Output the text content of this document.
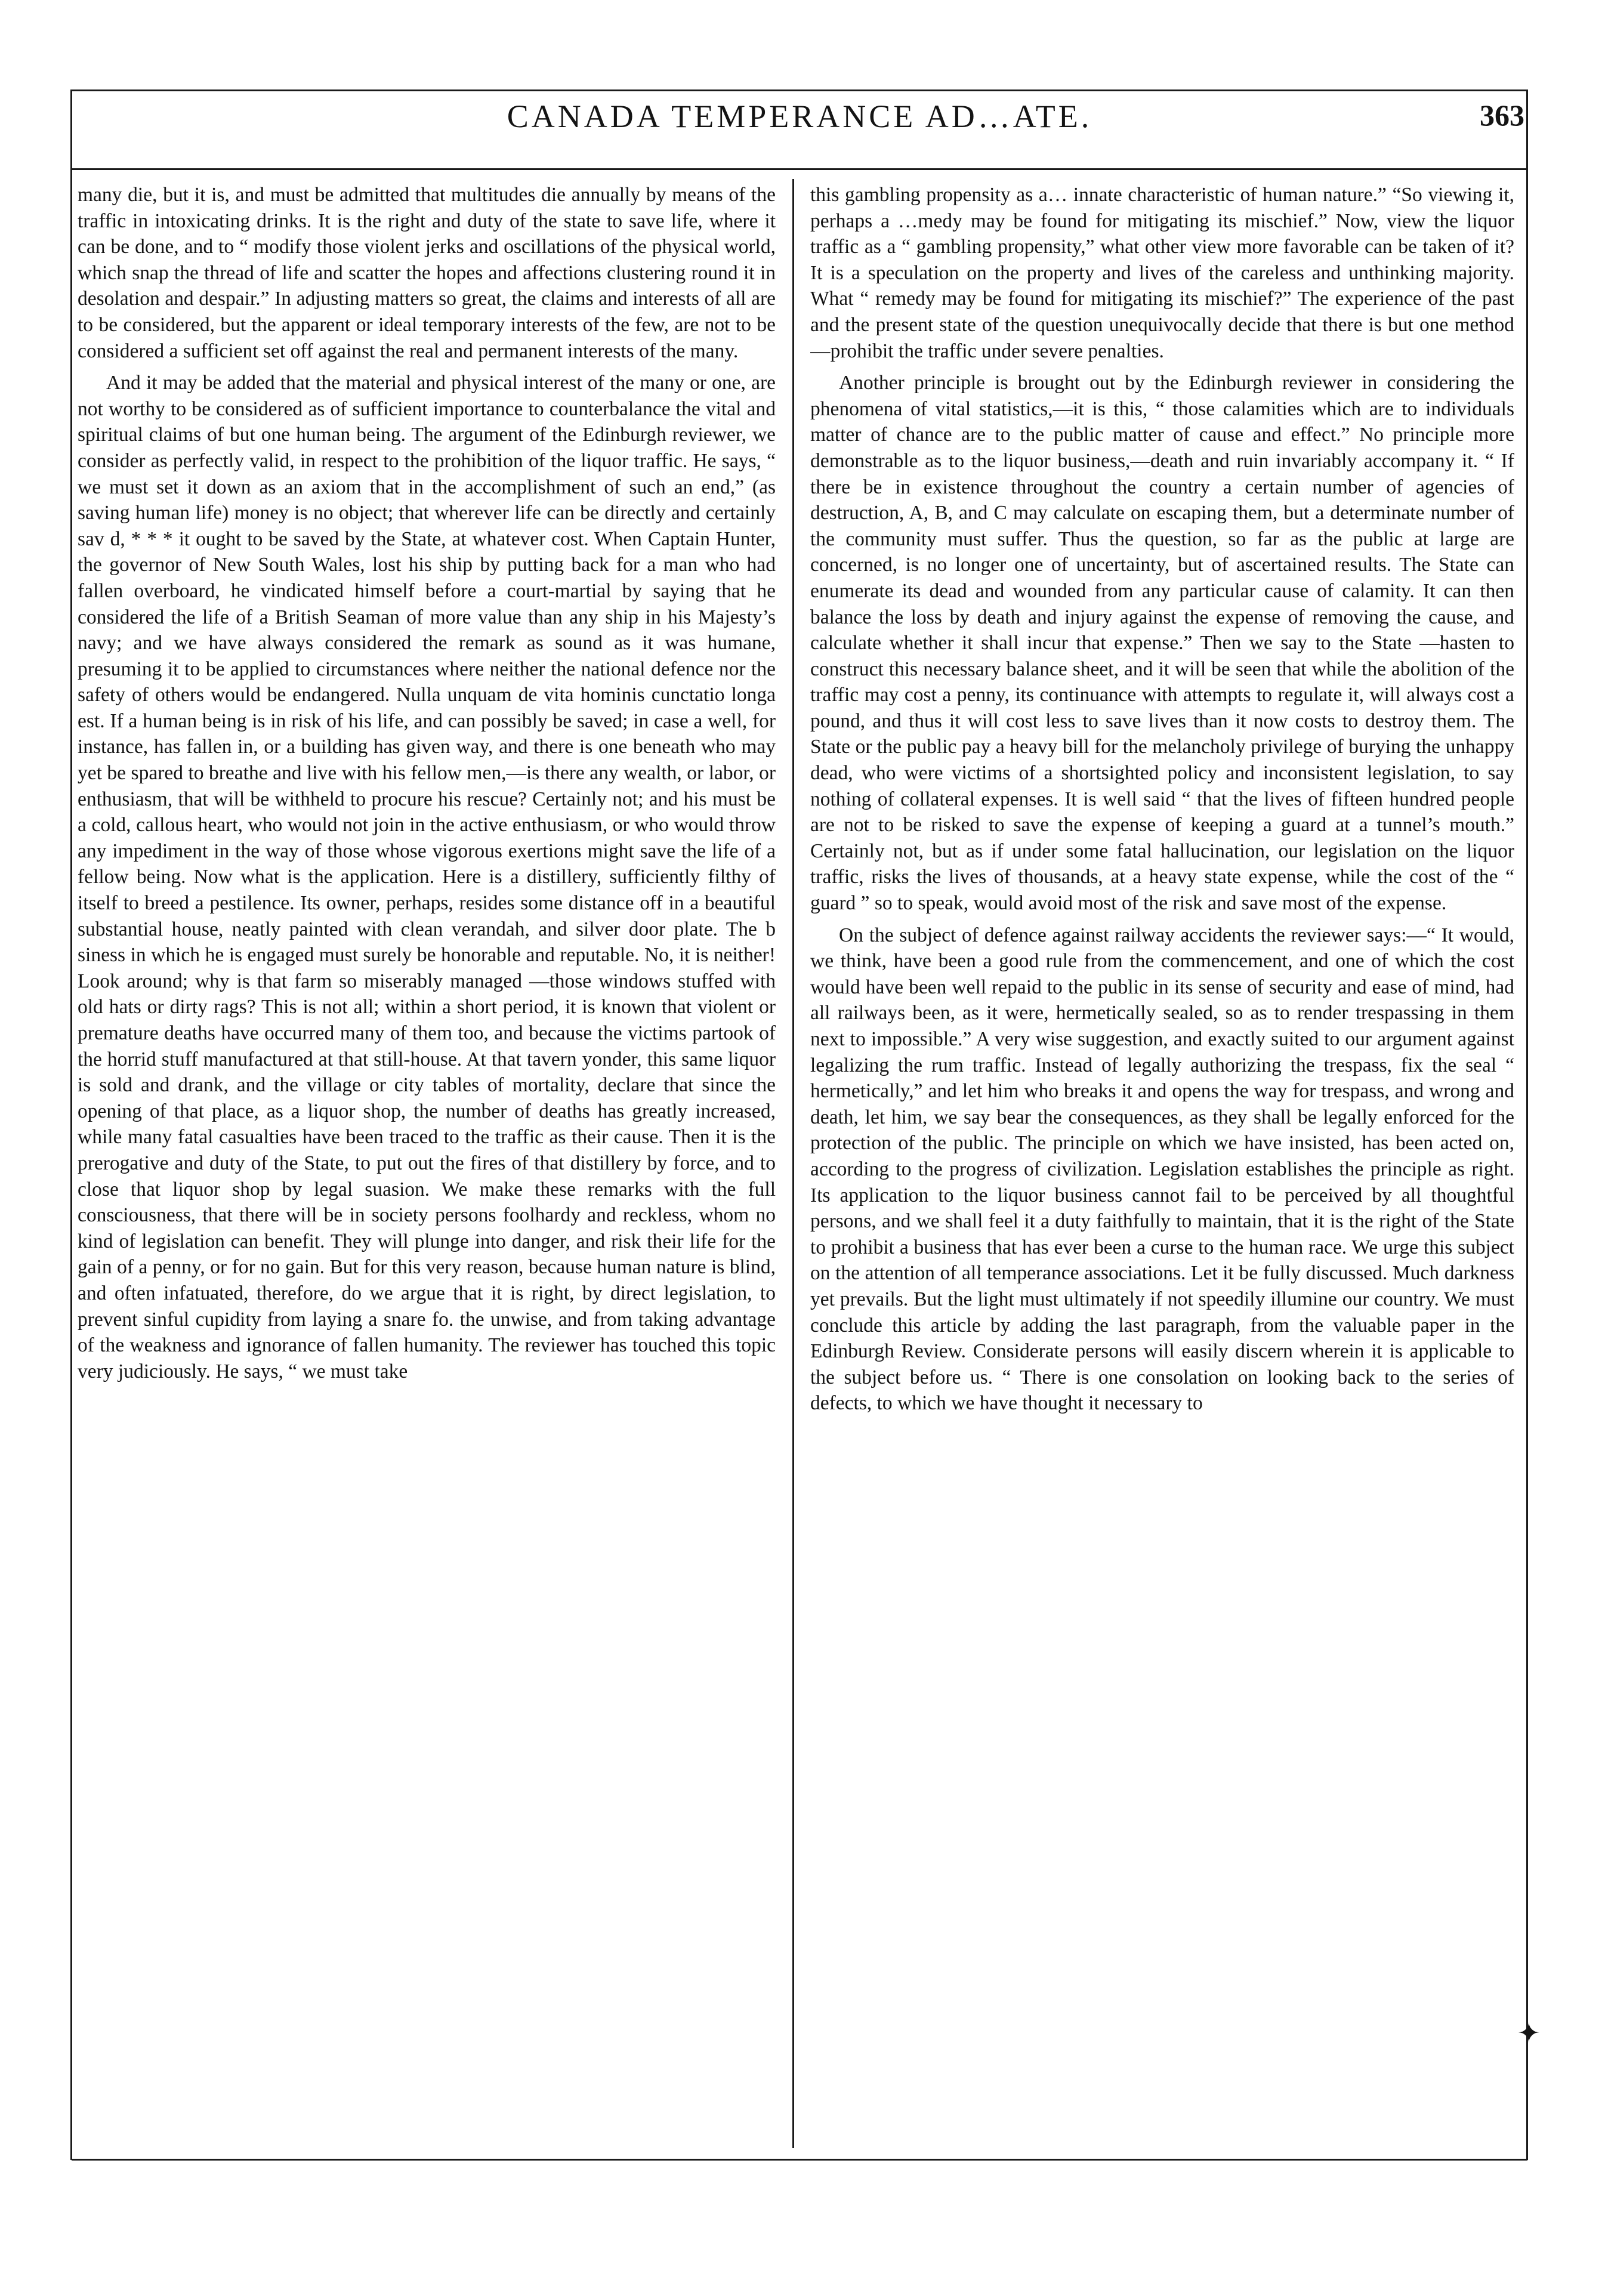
CANADA TEMPERANCE AD…ATE.	363

many die, but it is, and must be admitted that multitudes die annually by means of the traffic in intoxicating drinks. It is the right and duty of the state to save life, where it can be done, and to “ modify those violent jerks and oscillations of the physical world, which snap the thread of life and scatter the hopes and affections clustering round it in desolation and despair.” In adjusting matters so great, the claims and interests of all are to be considered, but the apparent or ideal temporary interests of the few, are not to be considered a sufficient set off against the real and permanent interests of the many.

And it may be added that the material and physical interest of the many or one, are not worthy to be considered as of sufficient importance to counterbalance the vital and spiritual claims of but one human being. The argument of the Edinburgh reviewer, we consider as perfectly valid, in respect to the prohibition of the liquor traffic. He says, “ we must set it down as an axiom that in the accomplishment of such an end,” (as saving human life) money is no object; that wherever life can be directly and certainly sav d, * * * it ought to be saved by the State, at whatever cost. When Captain Hunter, the governor of New South Wales, lost his ship by putting back for a man who had fallen overboard, he vindicated himself before a court-martial by saying that he considered the life of a British Seaman of more value than any ship in his Majesty’s navy; and we have always considered the remark as sound as it was humane, presuming it to be applied to circumstances where neither the national defence nor the safety of others would be endangered. Nulla unquam de vita hominis cunctatio longa est. If a human being is in risk of his life, and can possibly be saved; in case a well, for instance, has fallen in, or a building has given way, and there is one beneath who may yet be spared to breathe and live with his fellow men,—is there any wealth, or labor, or enthusiasm, that will be withheld to procure his rescue? Certainly not; and his must be a cold, callous heart, who would not join in the active enthusiasm, or who would throw any impediment in the way of those whose vigorous exertions might save the life of a fellow being. Now what is the application. Here is a distillery, sufficiently filthy of itself to breed a pestilence. Its owner, perhaps, resides some distance off in a beautiful substantial house, neatly painted with clean verandah, and silver door plate. The b siness in which he is engaged must surely be honorable and reputable. No, it is neither! Look around; why is that farm so miserably managed —those windows stuffed with old hats or dirty rags? This is not all; within a short period, it is known that violent or premature deaths have occurred many of them too, and because the victims partook of the horrid stuff manufactured at that still-house. At that tavern yonder, this same liquor is sold and drank, and the village or city tables of mortality, declare that since the opening of that place, as a liquor shop, the number of deaths has greatly increased, while many fatal casualties have been traced to the traffic as their cause. Then it is the prerogative and duty of the State, to put out the fires of that distillery by force, and to close that liquor shop by legal suasion. We make these remarks with the full consciousness, that there will be in society persons foolhardy and reckless, whom no kind of legislation can benefit. They will plunge into danger, and risk their life for the gain of a penny, or for no gain. But for this very reason, because human nature is blind, and often infatuated, therefore, do we argue that it is right, by direct legislation, to prevent sinful cupidity from laying a snare fo. the unwise, and from taking advantage of the weakness and ignorance of fallen humanity. The reviewer has touched this topic very judiciously. He says, “ we must take

this gambling propensity as a… innate characteristic of human nature.” “So viewing it, perhaps a …medy may be found for mitigating its mischief.” Now, view the liquor traffic as a “ gambling propensity,” what other view more favorable can be taken of it? It is a speculation on the property and lives of the careless and unthinking majority. What “ remedy may be found for mitigating its mischief?” The experience of the past and the present state of the question unequivocally decide that there is but one method—prohibit the traffic under severe penalties.

Another principle is brought out by the Edinburgh reviewer in considering the phenomena of vital statistics,—it is this, “ those calamities which are to individuals matter of chance are to the public matter of cause and effect.” No principle more demonstrable as to the liquor business,—death and ruin invariably accompany it. “ If there be in existence throughout the country a certain number of agencies of destruction, A, B, and C may calculate on escaping them, but a determinate number of the community must suffer. Thus the question, so far as the public at large are concerned, is no longer one of uncertainty, but of ascertained results. The State can enumerate its dead and wounded from any particular cause of calamity. It can then balance the loss by death and injury against the expense of removing the cause, and calculate whether it shall incur that expense.” Then we say to the State —hasten to construct this necessary balance sheet, and it will be seen that while the abolition of the traffic may cost a penny, its continuance with attempts to regulate it, will always cost a pound, and thus it will cost less to save lives than it now costs to destroy them. The State or the public pay a heavy bill for the melancholy privilege of burying the unhappy dead, who were victims of a shortsighted policy and inconsistent legislation, to say nothing of collateral expenses. It is well said “ that the lives of fifteen hundred people are not to be risked to save the expense of keeping a guard at a tunnel’s mouth.” Certainly not, but as if under some fatal hallucination, our legislation on the liquor traffic, risks the lives of thousands, at a heavy state expense, while the cost of the “ guard ” so to speak, would avoid most of the risk and save most of the expense.

On the subject of defence against railway accidents the reviewer says:—“ It would, we think, have been a good rule from the commencement, and one of which the cost would have been well repaid to the public in its sense of security and ease of mind, had all railways been, as it were, hermetically sealed, so as to render trespassing in them next to impossible.” A very wise suggestion, and exactly suited to our argument against legalizing the rum traffic. Instead of legally authorizing the trespass, fix the seal “ hermetically,” and let him who breaks it and opens the way for trespass, and wrong and death, let him, we say bear the consequences, as they shall be legally enforced for the protection of the public. The principle on which we have insisted, has been acted on, according to the progress of civilization. Legislation establishes the principle as right. Its application to the liquor business cannot fail to be perceived by all thoughtful persons, and we shall feel it a duty faithfully to maintain, that it is the right of the State to prohibit a business that has ever been a curse to the human race. We urge this subject on the attention of all temperance associations. Let it be fully discussed. Much darkness yet prevails. But the light must ultimately if not speedily illumine our country. We must conclude this article by adding the last paragraph, from the valuable paper in the Edinburgh Review. Considerate persons will easily discern wherein it is applicable to the subject before us. “ There is one consolation on looking back to the series of defects, to which we have thought it necessary to

✦
